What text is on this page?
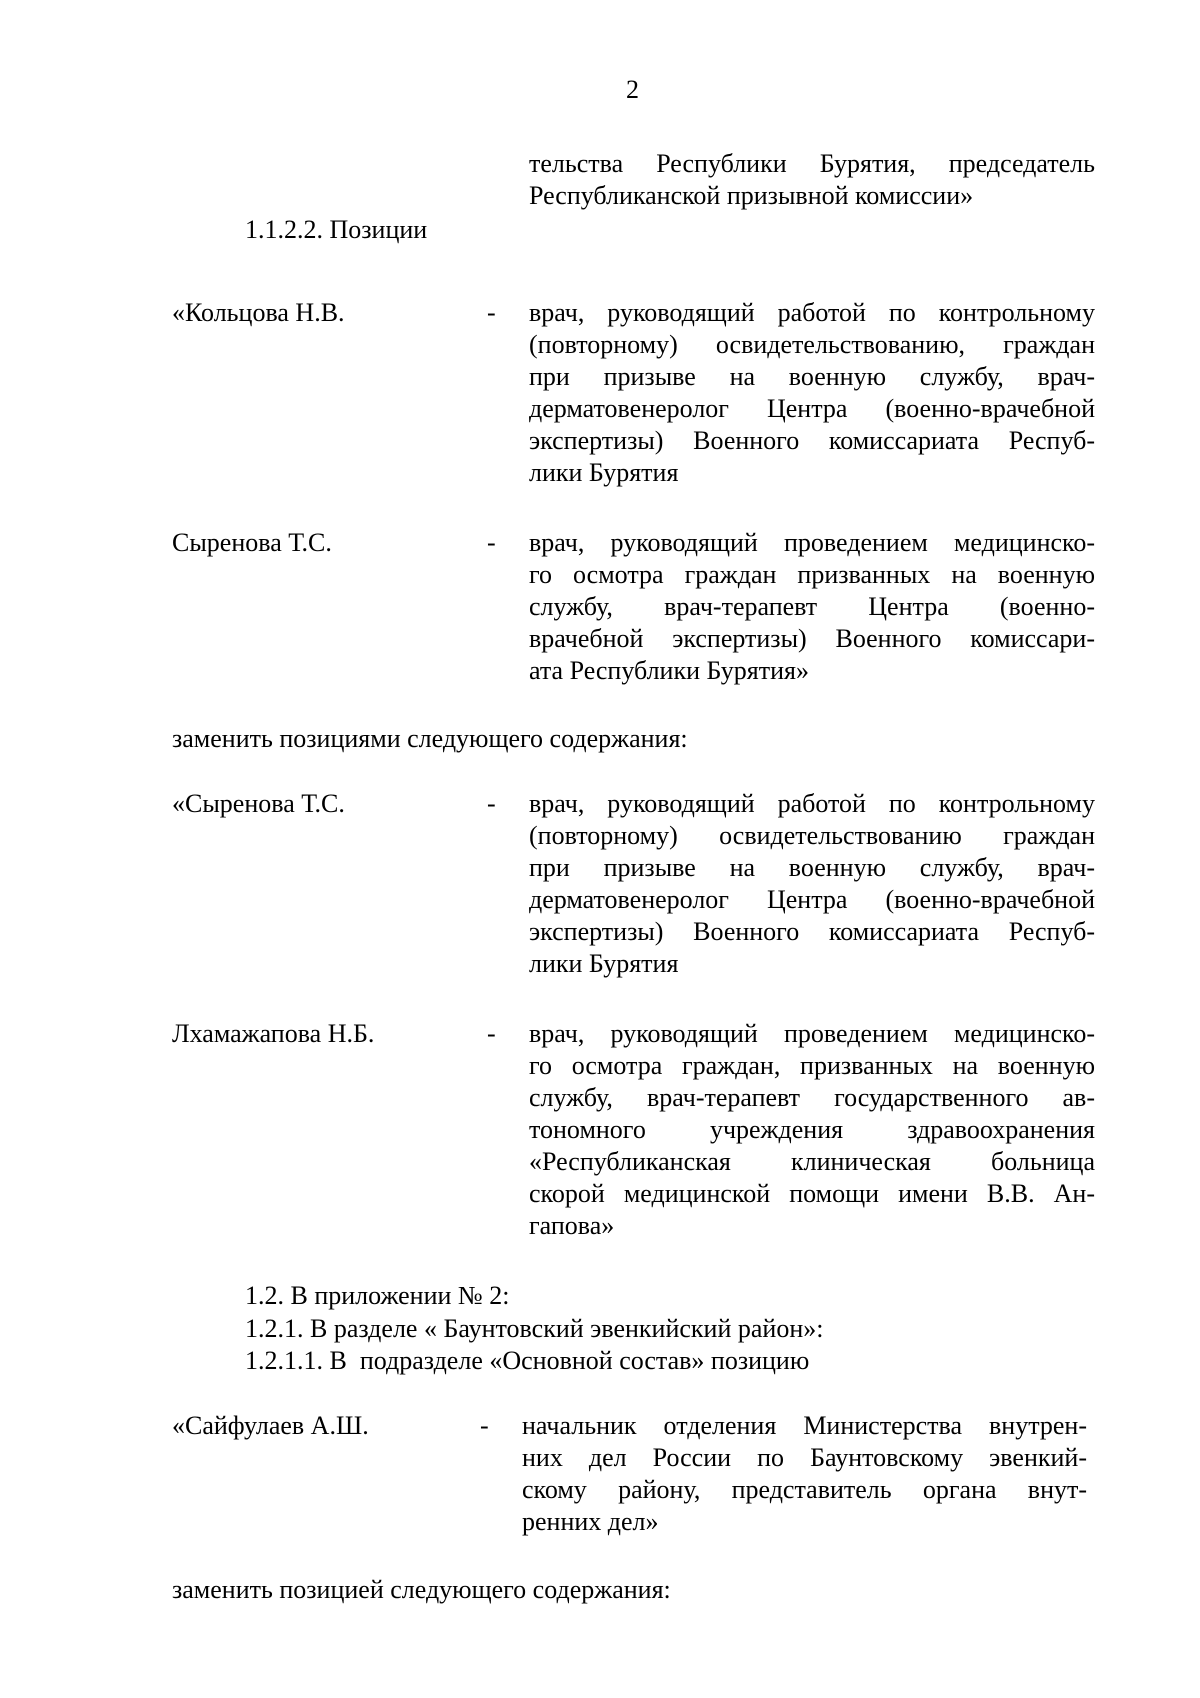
2
тельства Республики Бурятия, председатель
Республиканской призывной комиссии»
1.1.2.2. Позиции
«Кольцова Н.В.	- врач, руководящий работой по контрольному
(повторному) освидетельствованию, граждан
при призыве на военную службу, врач-
дерматовенеролог Центра (военно-врачебной
экспертизы) Военного комиссариата Респуб-
лики Бурятия
Сыренова Т.С.	- врач, руководящий проведением медицинско-
го осмотра граждан призванных на военную
службу, врач-терапевт Центра (военно-
врачебной экспертизы) Военного комиссари-
ата Республики Бурятия»
заменить позициями следующего содержания:
«Сыренова Т.С.	- врач, руководящий работой по контрольному
(повторному) освидетельствованию граждан
при призыве на военную службу, врач-
дерматовенеролог Центра (военно-врачебной
экспертизы) Военного комиссариата Респуб-
лики Бурятия
Лхамажапова Н.Б.	- врач, руководящий проведением медицинско-
го осмотра граждан, призванных на военную
службу, врач-терапевт государственного ав-
тономного учреждения здравоохранения
«Республиканская клиническая больница
скорой медицинской помощи имени В.В. Ан-
гапова»
1.2. В приложении № 2:
1.2.1. В разделе « Баунтовский эвенкийский район»:
1.2.1.1. В  подразделе «Основной состав» позицию
«Сайфулаев А.Ш.	- начальник отделения Министерства внутрен-
них дел России по Баунтовскому эвенкий-
скому району, представитель органа внут-
ренних дел»
заменить позицией следующего содержания:
